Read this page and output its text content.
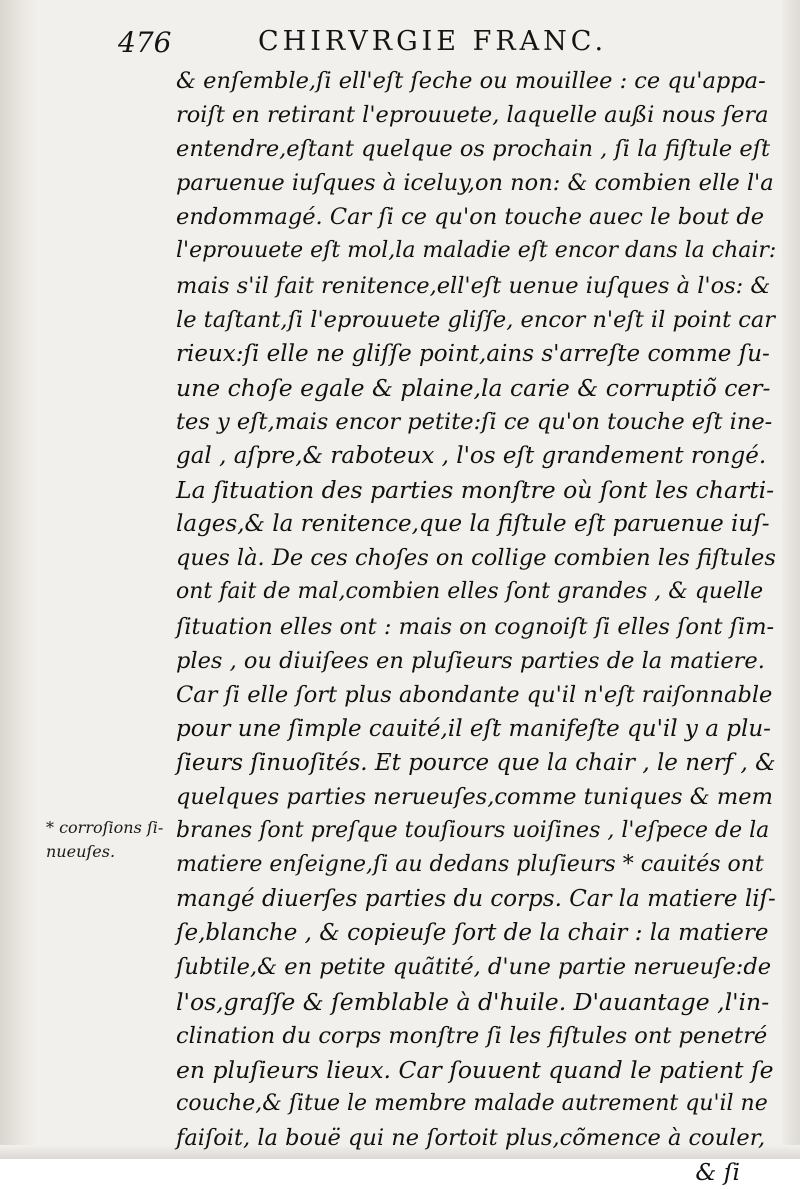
476	CHIRVRGIE FRANC.
* corroſions ſi-
nueuſes.
& enſemble,ſi ell'eſt ſeche ou mouillee : ce qu'appa-
roiſt en retirant l'eprouuete, laquelle außi nous ſera
entendre,eſtant quelque os prochain , ſi la fiſtule eſt
paruenue iuſques à iceluy,on non: & combien elle l'a
endommagé. Car ſi ce qu'on touche auec le bout de
l'eprouuete eſt mol,la maladie eſt encor dans la chair:
mais s'il fait renitence,ell'eſt uenue iuſques à l'os: &
le taſtant,ſi l'eprouuete gliſſe, encor n'eſt il point car
rieux:ſi elle ne gliſſe point,ains s'arreſte comme ſu-
une choſe egale & plaine,la carie & corruptiõ cer-
tes y eſt,mais encor petite:ſi ce qu'on touche eſt ine-
gal , aſpre,& raboteux , l'os eſt grandement rongé.
La ſituation des parties monſtre où ſont les charti-
lages,& la renitence,que la fiſtule eſt paruenue iuſ-
ques là. De ces choſes on collige combien les fiſtules
ont fait de mal,combien elles ſont grandes , & quelle
ſituation elles ont : mais on cognoiſt ſi elles ſont ſim-
ples , ou diuiſees en pluſieurs parties de la matiere.
Car ſi elle ſort plus abondante qu'il n'eſt raiſonnable
pour une ſimple cauité,il eſt manifeſte qu'il y a plu-
ſieurs ſinuoſités. Et pource que la chair , le nerf , &
quelques parties nerueuſes,comme tuniques & mem
branes ſont preſque touſiours uoiſines , l'eſpece de la
matiere enſeigne,ſi au dedans pluſieurs * cauités ont
mangé diuerſes parties du corps. Car la matiere liſ-
ſe,blanche , & copieuſe ſort de la chair : la matiere
ſubtile,& en petite quãtité, d'une partie nerueuſe:de
l'os,graſſe & ſemblable à d'huile. D'auantage ,l'in-
clination du corps monſtre ſi les fiſtules ont penetré
en pluſieurs lieux. Car ſouuent quand le patient ſe
couche,& ſitue le membre malade autrement qu'il ne
faiſoit, la bouë qui ne ſortoit plus,cõmence à couler,
& ſi
